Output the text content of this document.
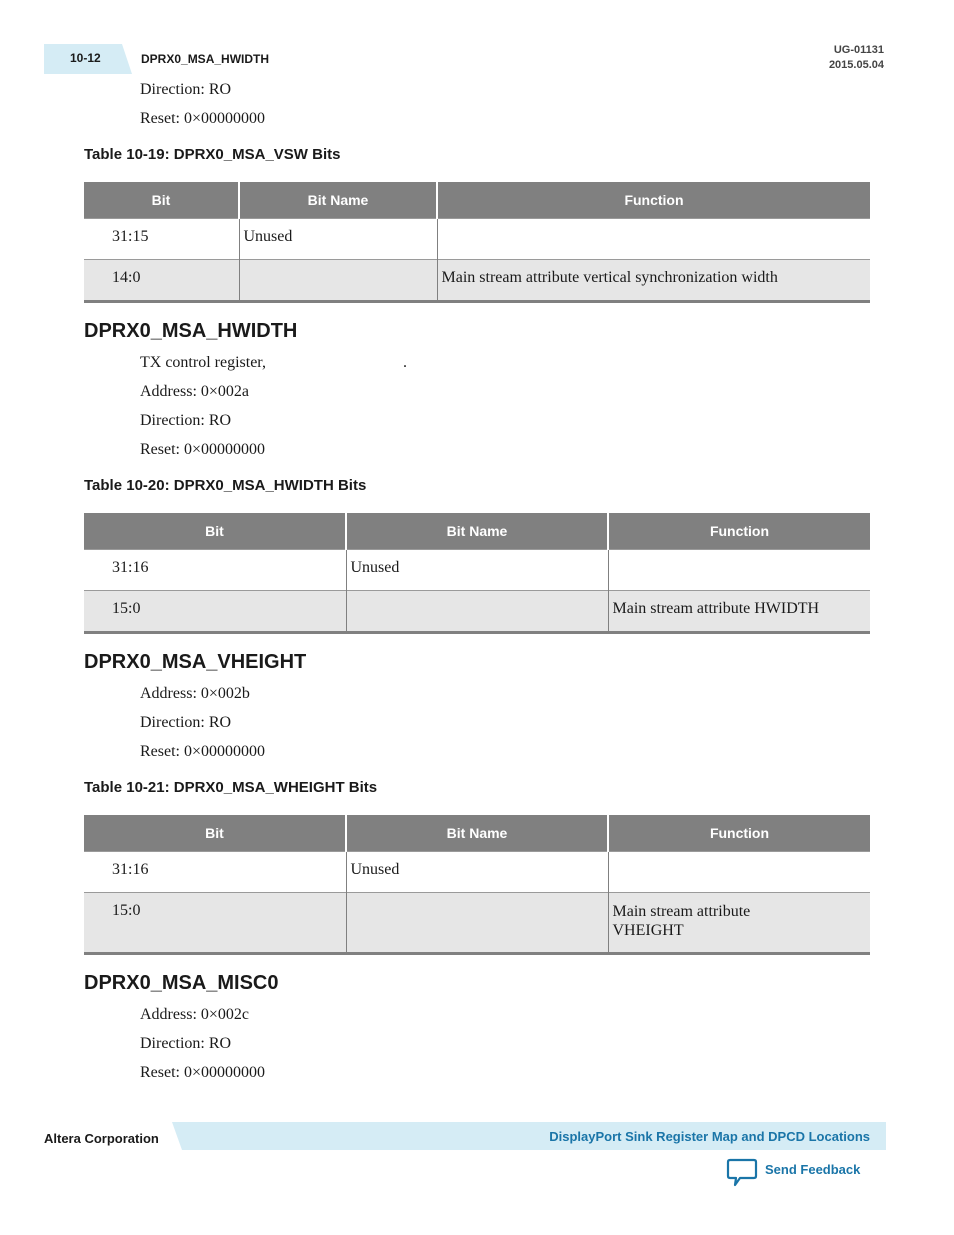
10-12	DPRX0_MSA_HWIDTH
UG-01131
2015.05.04
Direction: RO
Reset: 0×00000000
Table 10-19: DPRX0_MSA_VSW Bits
Bit	Bit Name	Function
31:15	Unused	
14:0		Main stream attribute vertical synchronization width
DPRX0_MSA_HWIDTH
TX control register,	.
Address: 0×002a
Direction: RO
Reset: 0×00000000
Table 10-20: DPRX0_MSA_HWIDTH Bits
Bit	Bit Name	Function
31:16	Unused	
15:0		Main stream attribute HWIDTH
DPRX0_MSA_VHEIGHT
Address: 0×002b
Direction: RO
Reset: 0×00000000
Table 10-21: DPRX0_MSA_WHEIGHT Bits
Bit	Bit Name	Function
31:16	Unused	
15:0		Main stream attribute
VHEIGHT
DPRX0_MSA_MISC0
Address: 0×002c
Direction: RO
Reset: 0×00000000
Altera Corporation	DisplayPort Sink Register Map and DPCD Locations
Send Feedback
